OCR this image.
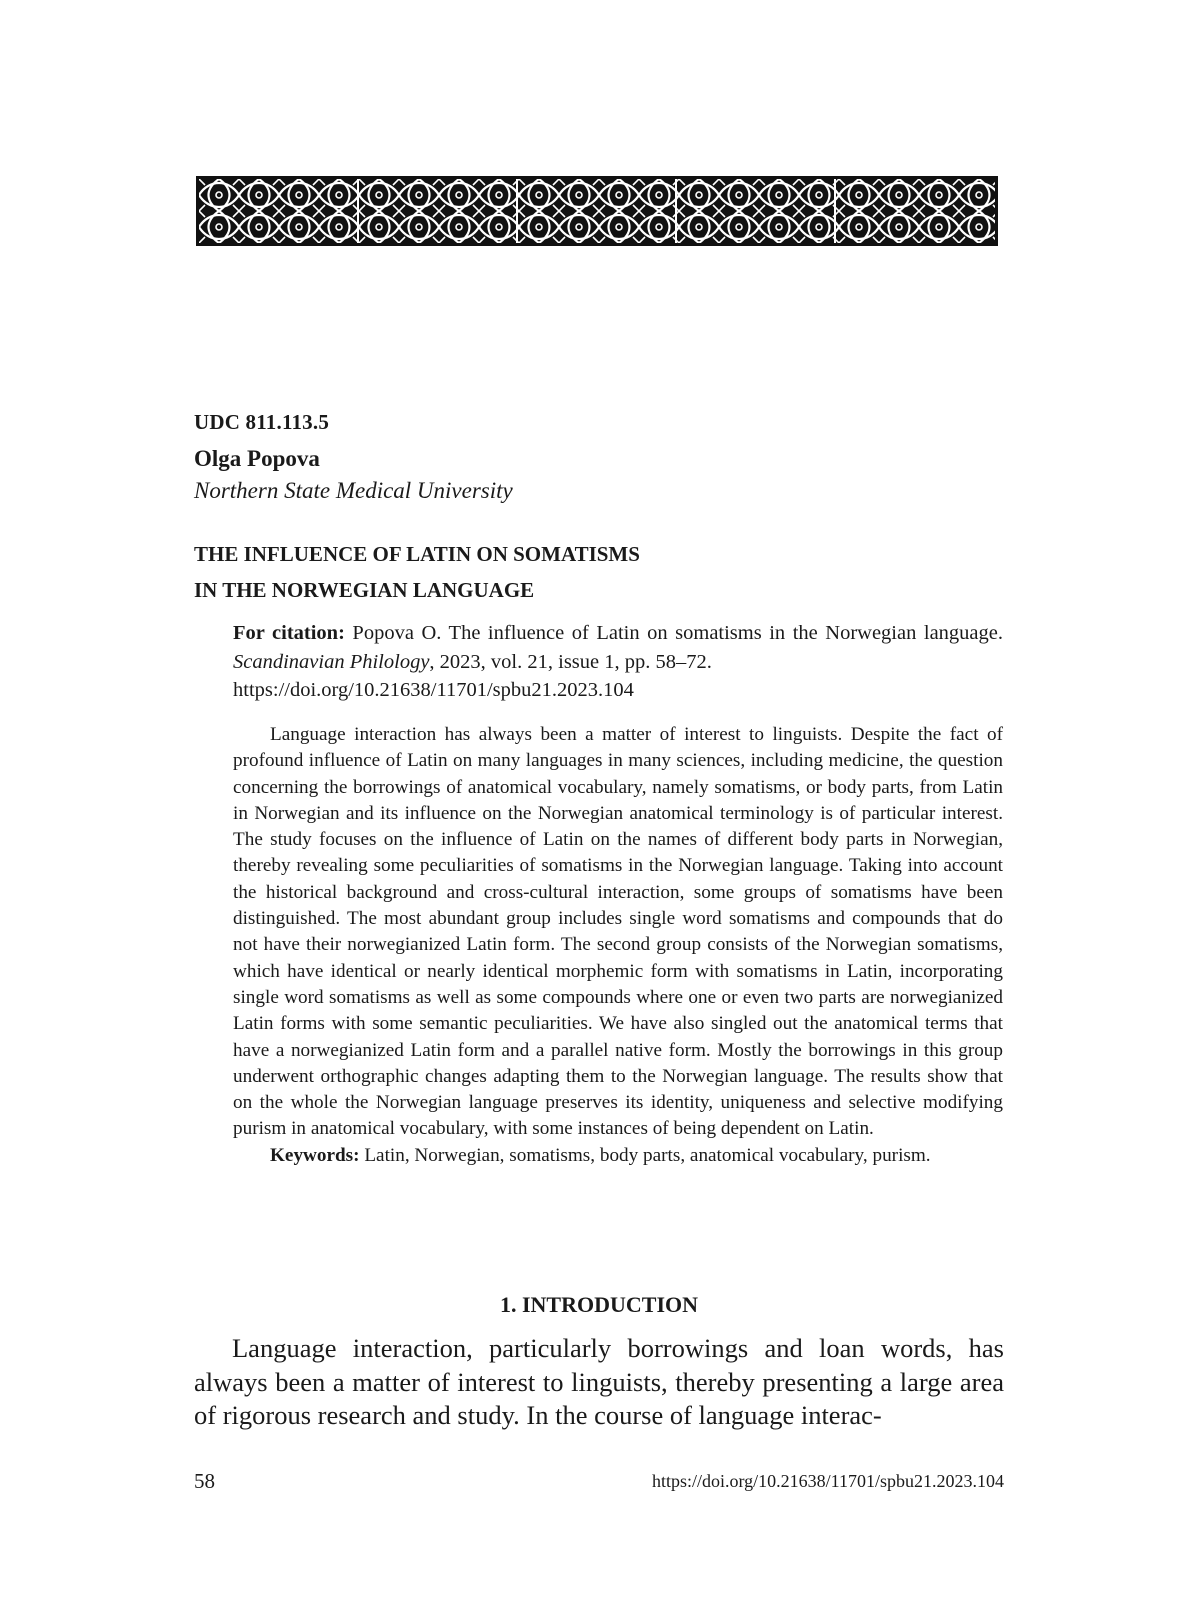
UDC 811.113.5
Olga Popova
Northern State Medical University
THE INFLUENCE OF LATIN ON SOMATISMS
IN THE NORWEGIAN LANGUAGE
For citation: Popova O. The influence of Latin on somatisms in the Norwegian language. Scandinavian Philology, 2023, vol. 21, issue 1, pp. 58–72.
https://doi.org/10.21638/11701/spbu21.2023.104

Language interaction has always been a matter of interest to linguists. Despite the fact of profound influence of Latin on many languages in many sciences, including medicine, the question concerning the borrowings of anatomical vocabulary, namely somatisms, or body parts, from Latin in Norwegian and its influence on the Norwegian anatomical terminology is of particular interest. The study focuses on the influence of Latin on the names of different body parts in Norwegian, thereby revealing some peculiarities of somatisms in the Norwegian language. Taking into account the historical background and cross-cultural interaction, some groups of somatisms have been distinguished. The most abundant group includes single word somatisms and compounds that do not have their norwegianized Latin form. The second group consists of the Norwegian somatisms, which have identical or nearly identical morphemic form with somatisms in Latin, incorporating single word somatisms as well as some compounds where one or even two parts are norwegianized Latin forms with some semantic peculiarities. We have also singled out the anatomical terms that have a norwegianized Latin form and a parallel native form. Mostly the borrowings in this group underwent orthographic changes adapting them to the Norwegian language. The results show that on the whole the Norwegian language preserves its identity, uniqueness and selective modifying purism in anatomical vocabulary, with some instances of being dependent on Latin.

Keywords: Latin, Norwegian, somatisms, body parts, anatomical vocabulary, purism.

1. INTRODUCTION

Language interaction, particularly borrowings and loan words, has always been a matter of interest to linguists, thereby presenting a large area of rigorous research and study. In the course of language interac-

58	https://doi.org/10.21638/11701/spbu21.2023.104
